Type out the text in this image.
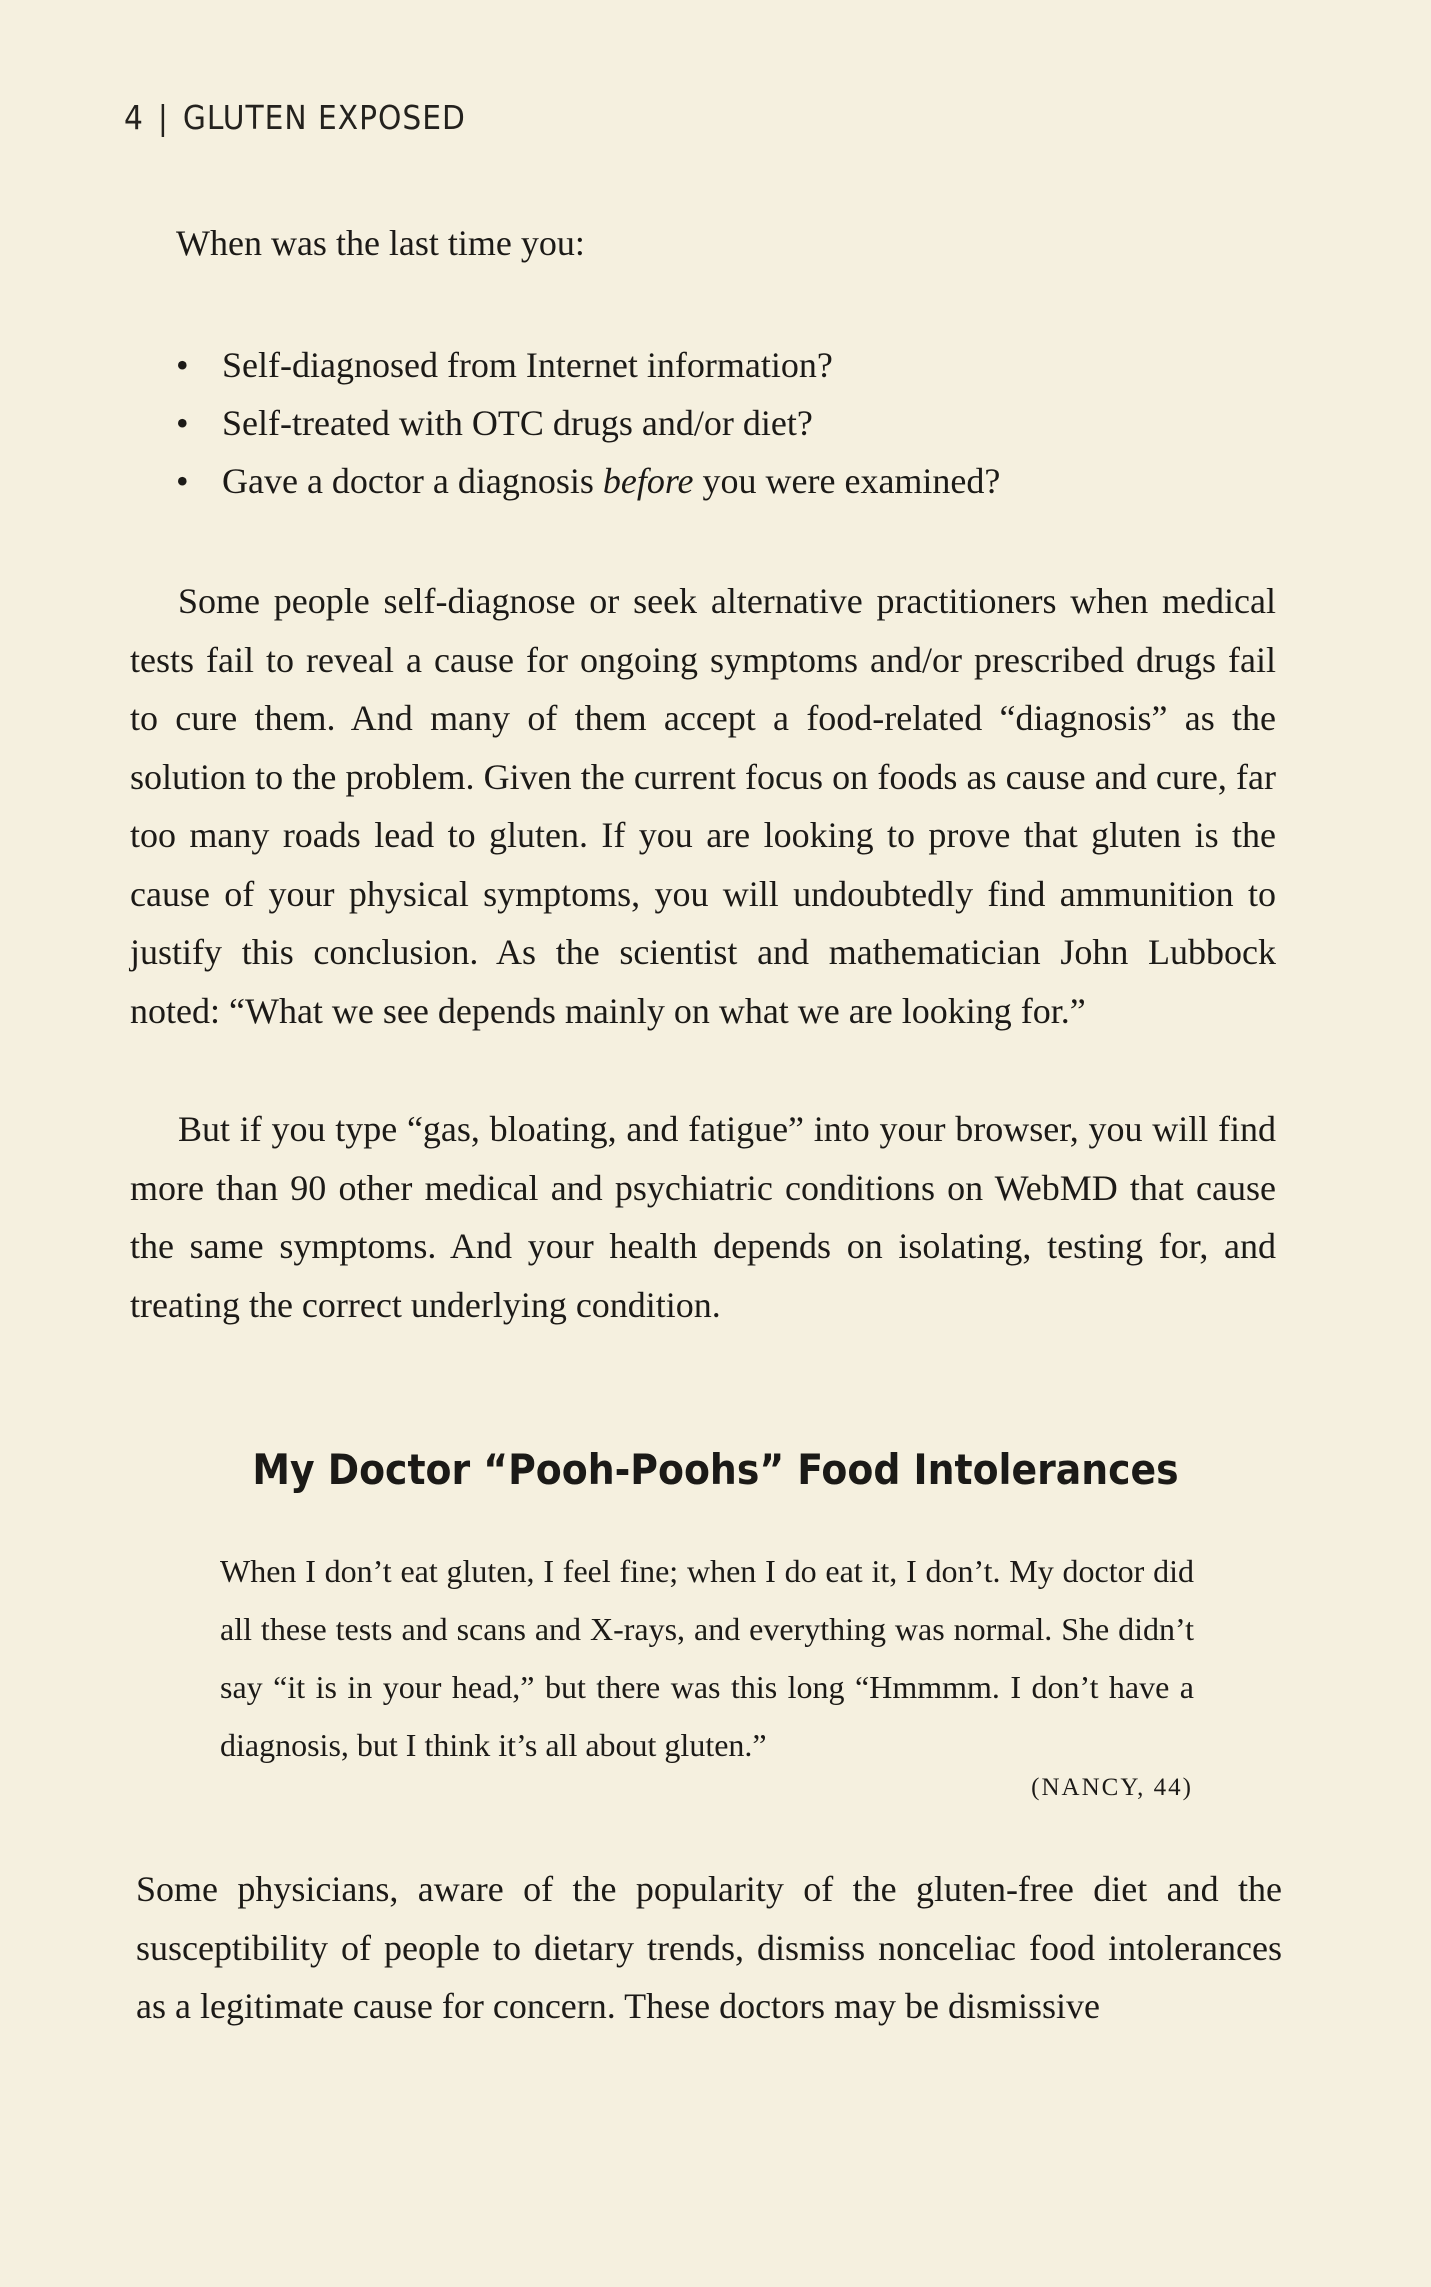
4 | GLUTEN EXPOSED
When was the last time you:
• Self-diagnosed from Internet information?
• Self-treated with OTC drugs and/or diet?
• Gave a doctor a diagnosis before you were examined?

Some people self-diagnose or seek alternative practitioners when medical tests fail to reveal a cause for ongoing symptoms and/or prescribed drugs fail to cure them. And many of them accept a food-related “diagnosis” as the solution to the problem. Given the current focus on foods as cause and cure, far too many roads lead to gluten. If you are looking to prove that gluten is the cause of your physical symptoms, you will undoubtedly find ammunition to justify this conclusion. As the scientist and mathematician John Lubbock noted: “What we see depends mainly on what we are looking for.”

But if you type “gas, bloating, and fatigue” into your browser, you will find more than 90 other medical and psychiatric conditions on WebMD that cause the same symptoms. And your health depends on isolating, testing for, and treating the correct underlying condition.

My Doctor “Pooh-Poohs” Food Intolerances

When I don’t eat gluten, I feel fine; when I do eat it, I don’t. My doctor did all these tests and scans and X-rays, and everything was normal. She didn’t say “it is in your head,” but there was this long “Hmmmm. I don’t have a diagnosis, but I think it’s all about gluten.”

(NANCY, 44)

Some physicians, aware of the popularity of the gluten-free diet and the susceptibility of people to dietary trends, dismiss nonceliac food intolerances as a legitimate cause for concern. These doctors may be dismissive
